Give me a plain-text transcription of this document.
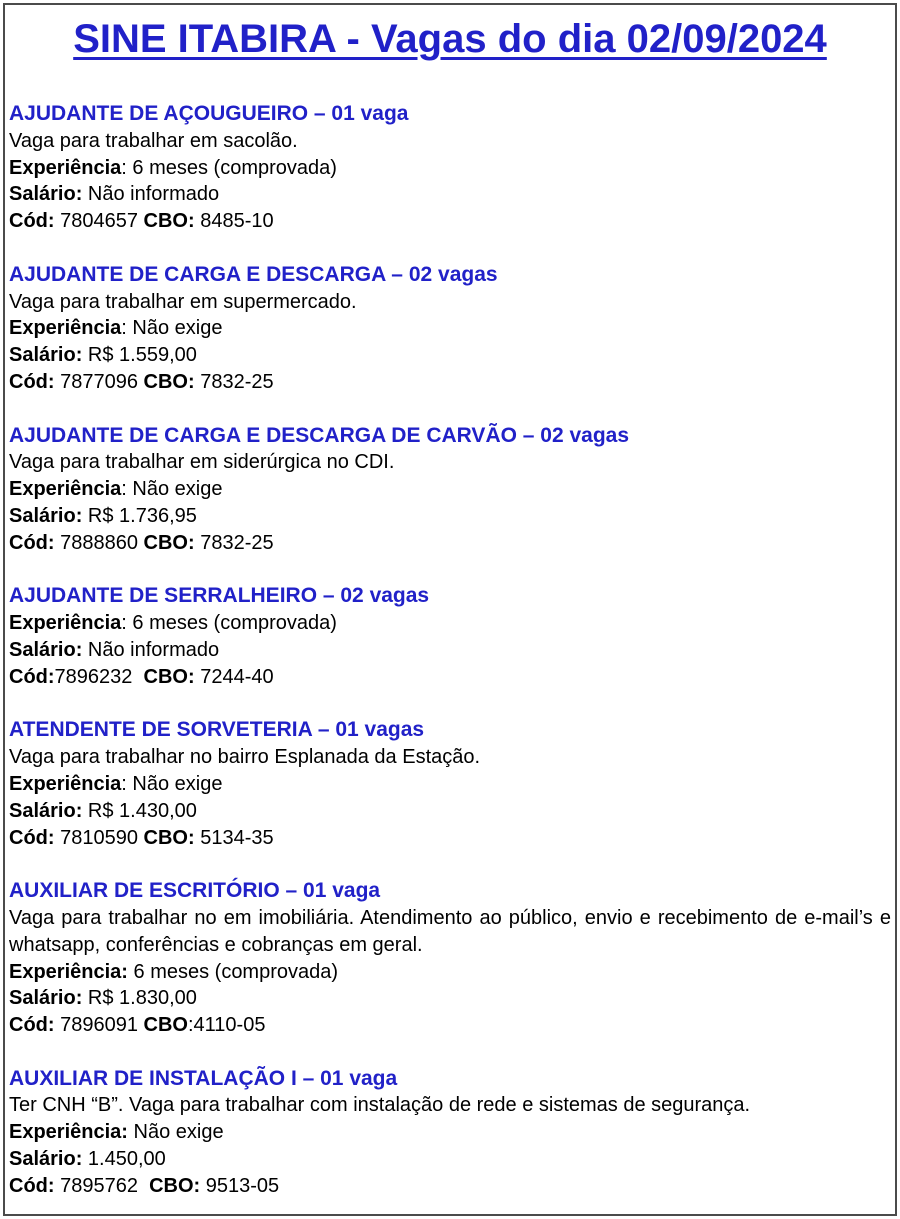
SINE ITABIRA - Vagas do dia 02/09/2024
AJUDANTE DE AÇOUGUEIRO – 01 vaga

Vaga para trabalhar em sacolão.

Experiência: 6 meses (comprovada)

Salário: Não informado

Cód: 7804657 CBO: 8485-10

AJUDANTE DE CARGA E DESCARGA – 02 vagas

Vaga para trabalhar em supermercado.

Experiência: Não exige

Salário: R$ 1.559,00

Cód: 7877096 CBO: 7832-25

AJUDANTE DE CARGA E DESCARGA DE CARVÃO – 02 vagas

Vaga para trabalhar em siderúrgica no CDI.

Experiência: Não exige

Salário: R$ 1.736,95

Cód: 7888860 CBO: 7832-25

AJUDANTE DE SERRALHEIRO – 02 vagas

Experiência: 6 meses (comprovada)

Salário: Não informado

Cód:7896232  CBO: 7244-40

ATENDENTE DE SORVETERIA – 01 vagas

Vaga para trabalhar no bairro Esplanada da Estação.

Experiência: Não exige

Salário: R$ 1.430,00

Cód: 7810590 CBO: 5134-35

AUXILIAR DE ESCRITÓRIO – 01 vaga

Vaga para trabalhar no em imobiliária. Atendimento ao público, envio e recebimento de e-mail’s e whatsapp, conferências e cobranças em geral.

Experiência: 6 meses (comprovada)

Salário: R$ 1.830,00

Cód: 7896091 CBO:4110-05

AUXILIAR DE INSTALAÇÃO I – 01 vaga

Ter CNH “B”. Vaga para trabalhar com instalação de rede e sistemas de segurança.

Experiência: Não exige

Salário: 1.450,00

Cód: 7895762  CBO: 9513-05
